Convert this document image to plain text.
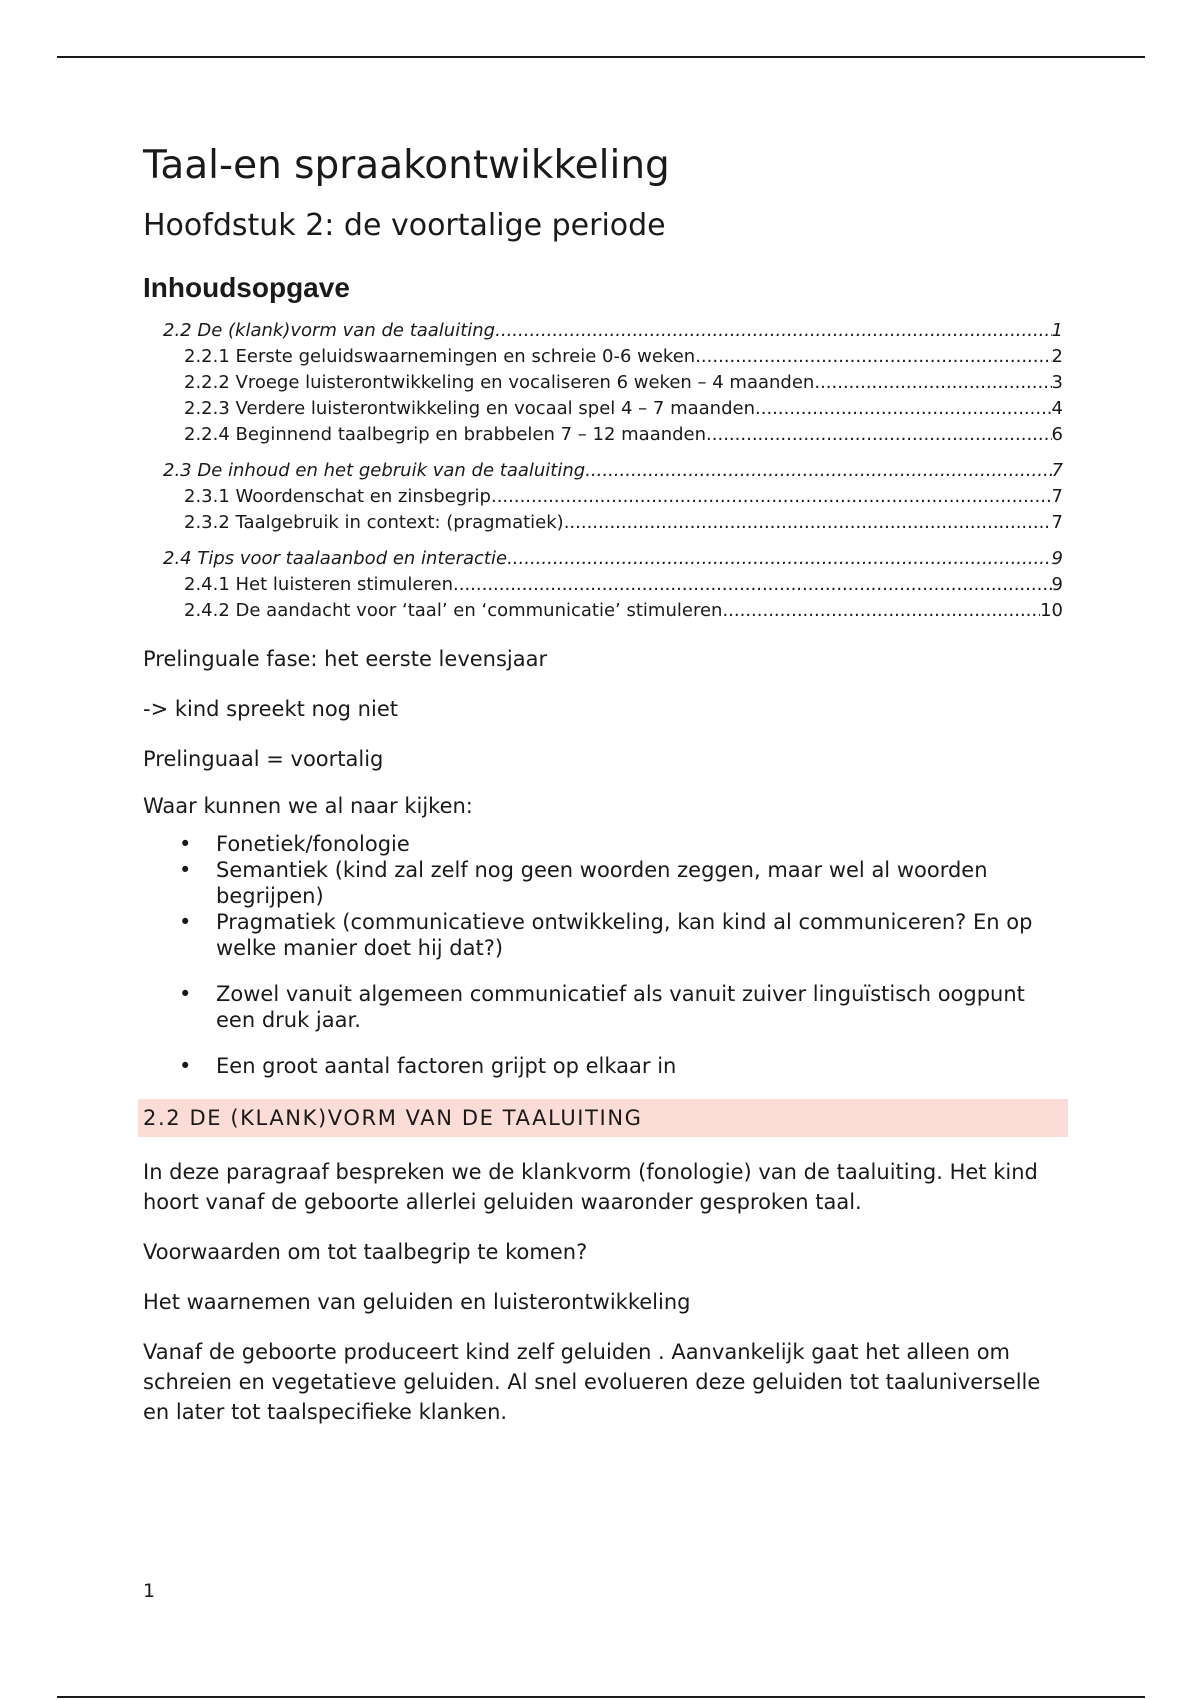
Taal-en spraakontwikkeling
Hoofdstuk 2: de voortalige periode
Inhoudsopgave
2.2 De (klank)vorm van de taaluiting .....	1
2.2.1 Eerste geluidswaarnemingen en schreie 0-6 weken .....	2
2.2.2 Vroege luisterontwikkeling en vocaliseren 6 weken – 4 maanden .....	3
2.2.3 Verdere luisterontwikkeling en vocaal spel 4 – 7 maanden .....	4
2.2.4 Beginnend taalbegrip en brabbelen 7 – 12 maanden .....	6
2.3 De inhoud en het gebruik van de taaluiting .....	7
2.3.1 Woordenschat en zinsbegrip .....	7
2.3.2 Taalgebruik in context: (pragmatiek) .....	7
2.4 Tips voor taalaanbod en interactie .....	9
2.4.1 Het luisteren stimuleren .....	9
2.4.2 De aandacht voor ‘taal’ en ‘communicatie’ stimuleren .....	10

Prelinguale fase: het eerste levensjaar

-> kind spreekt nog niet

Prelinguaal = voortalig

Waar kunnen we al naar kijken:

• Fonetiek/fonologie
• Semantiek (kind zal zelf nog geen woorden zeggen, maar wel al woorden begrijpen)
• Pragmatiek (communicatieve ontwikkeling, kan kind al communiceren? En op welke manier doet hij dat?)
• Zowel vanuit algemeen communicatief als vanuit zuiver linguïstisch oogpunt een druk jaar.
• Een groot aantal factoren grijpt op elkaar in
2.2 DE (KLANK)VORM VAN DE TAALUITING

In deze paragraaf bespreken we de klankvorm (fonologie) van de taaluiting. Het kind hoort vanaf de geboorte allerlei geluiden waaronder gesproken taal.

Voorwaarden om tot taalbegrip te komen?

Het waarnemen van geluiden en luisterontwikkeling

Vanaf de geboorte produceert kind zelf geluiden . Aanvankelijk gaat het alleen om schreien en vegetatieve geluiden. Al snel evolueren deze geluiden tot taaluniverselle en later tot taalspecifieke klanken.

1
